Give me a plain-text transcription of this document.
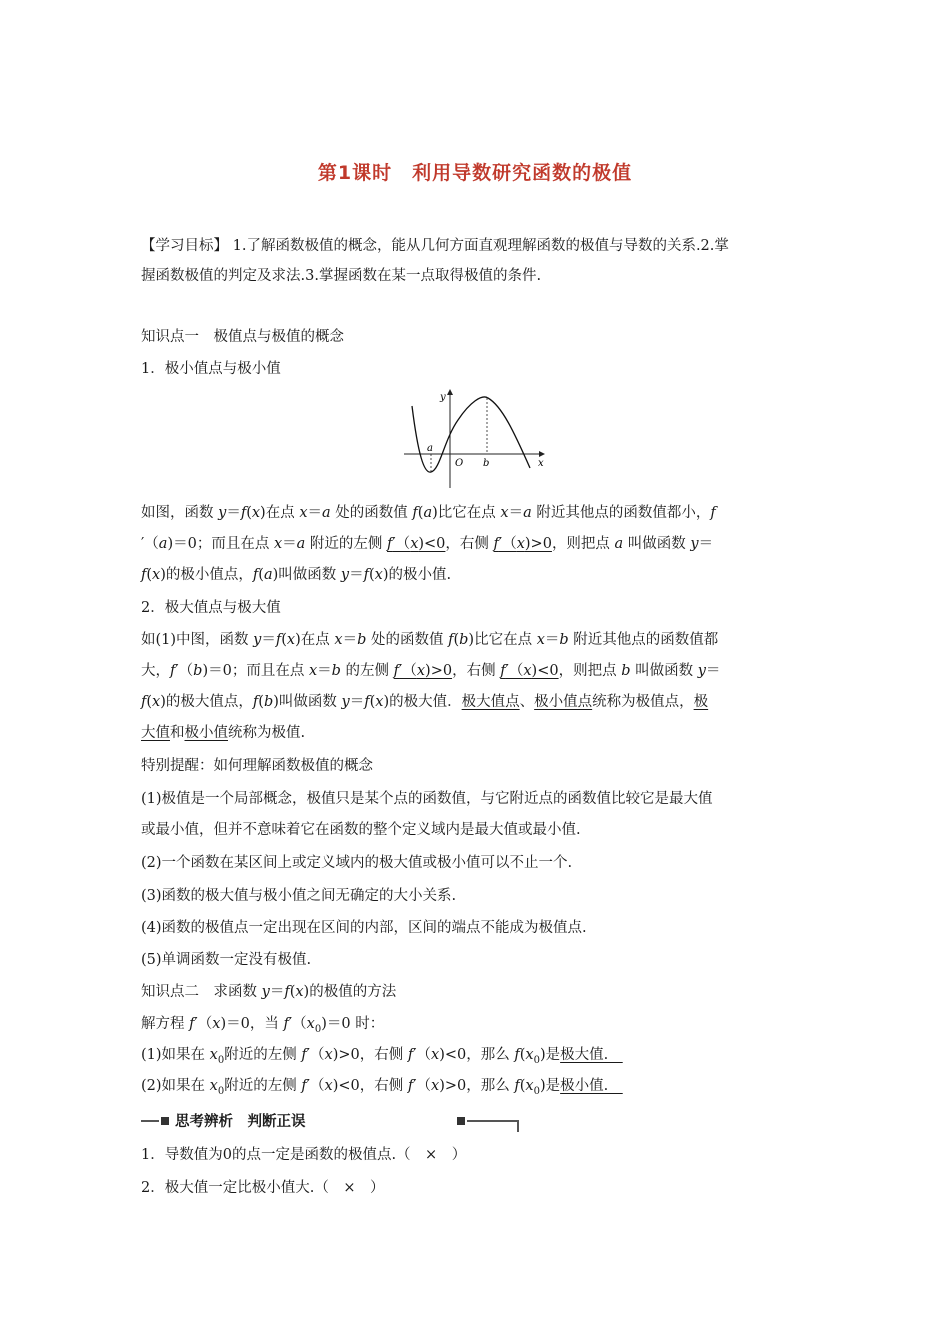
第1课时　利用导数研究函数的极值
【学习目标】 1.了解函数极值的概念，能从几何方面直观理解函数的极值与导数的关系.2.掌
握函数极值的判定及求法.3.掌握函数在某一点取得极值的条件.
知识点一　极值点与极值的概念
1．极小值点与极小值
y
x
a
O b
如图，函数 y＝f(x)在点 x＝a 处的函数值 f(a)比它在点 x＝a 附近其他点的函数值都小，f
′（a)＝0；而且在点 x＝a 附近的左侧 f′（x)<0，右侧 f′（x)>0，则把点 a 叫做函数 y＝
f(x)的极小值点，f(a)叫做函数 y＝f(x)的极小值.
2．极大值点与极大值
如(1)中图，函数 y＝f(x)在点 x＝b 处的函数值 f(b)比它在点 x＝b 附近其他点的函数值都
大，f′（b)＝0；而且在点 x＝b 的左侧 f′（x)>0，右侧 f′（x)<0，则把点 b 叫做函数 y＝
f(x)的极大值点，f(b)叫做函数 y＝f(x)的极大值．极大值点、极小值点统称为极值点，极
大值和极小值统称为极值.
特别提醒：如何理解函数极值的概念
(1)极值是一个局部概念，极值只是某个点的函数值，与它附近点的函数值比较它是最大值
或最小值，但并不意味着它在函数的整个定义域内是最大值或最小值.
(2)一个函数在某区间上或定义域内的极大值或极小值可以不止一个.
(3)函数的极大值与极小值之间无确定的大小关系.
(4)函数的极值点一定出现在区间的内部，区间的端点不能成为极值点.
(5)单调函数一定没有极值.
知识点二　求函数 y＝f(x)的极值的方法
解方程 f′（x)＝0，当 $f'(x_0)=0$ 时：
(1)如果在 $x_0$附近的左侧 f′（x)>0，右侧 f′（x)<0，那么 $f(x_0)$是极大值.　
(2)如果在 $x_0$附近的左侧 f′（x)<0，右侧 f′（x)>0，那么 $f(x_0)$是极小值.　
思考辨析　判断正误
1．导数值为0的点一定是函数的极值点.（　×　）
2．极大值一定比极小值大.（　×　）
